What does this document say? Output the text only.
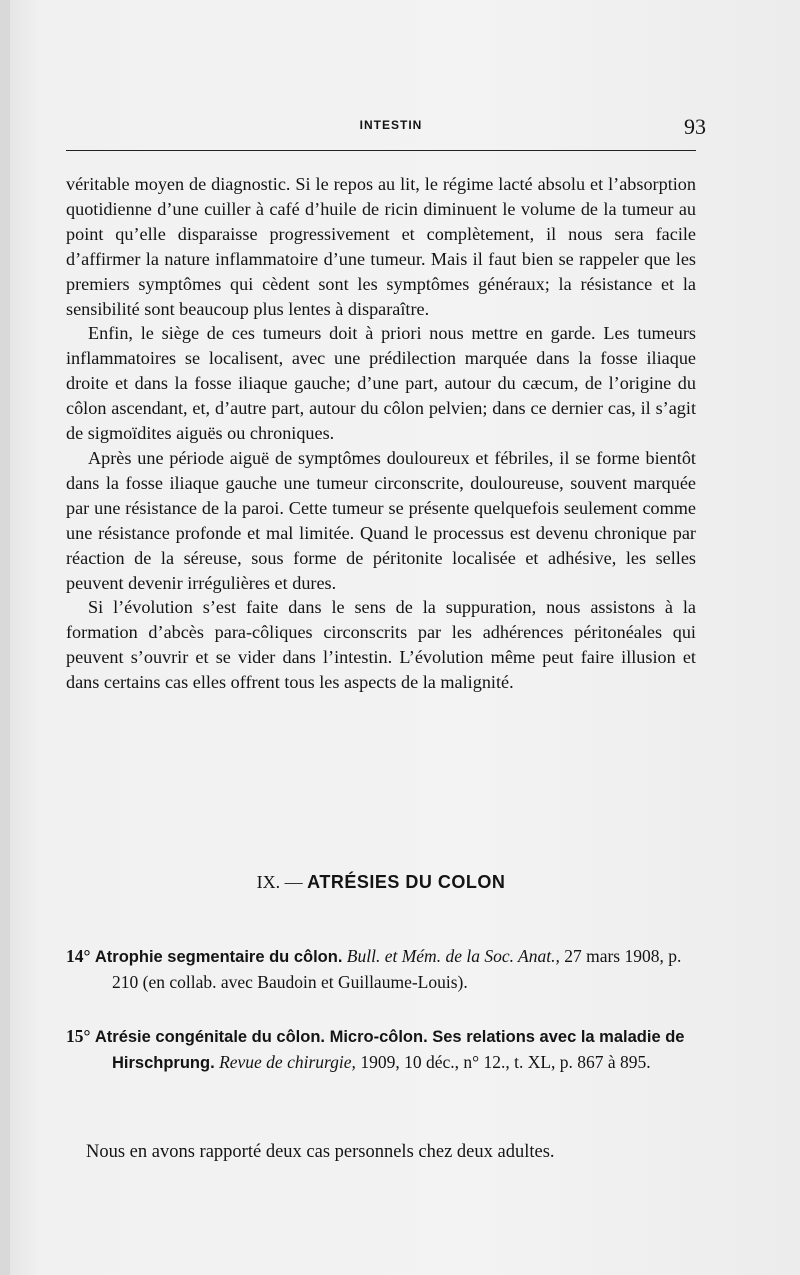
INTESTIN	93

véritable moyen de diagnostic. Si le repos au lit, le régime lacté absolu et l’absorption quotidienne d’une cuiller à café d’huile de ricin diminuent le volume de la tumeur au point qu’elle disparaisse progressivement et complètement, il nous sera facile d’affirmer la nature inflammatoire d’une tumeur. Mais il faut bien se rappeler que les premiers symptômes qui cèdent sont les symptômes généraux; la résistance et la sensibilité sont beaucoup plus lentes à disparaître.

Enfin, le siège de ces tumeurs doit à priori nous mettre en garde. Les tumeurs inflammatoires se localisent, avec une prédilection marquée dans la fosse iliaque droite et dans la fosse iliaque gauche; d’une part, autour du cæcum, de l’origine du côlon ascendant, et, d’autre part, autour du côlon pelvien; dans ce dernier cas, il s’agit de sigmoïdites aiguës ou chroniques.

Après une période aiguë de symptômes douloureux et fébriles, il se forme bientôt dans la fosse iliaque gauche une tumeur circonscrite, douloureuse, souvent marquée par une résistance de la paroi. Cette tumeur se présente quelquefois seulement comme une résistance profonde et mal limitée. Quand le processus est devenu chronique par réaction de la séreuse, sous forme de péritonite localisée et adhésive, les selles peuvent devenir irrégulières et dures.

Si l’évolution s’est faite dans le sens de la suppuration, nous assistons à la formation d’abcès para-côliques circonscrits par les adhérences péritonéales qui peuvent s’ouvrir et se vider dans l’intestin. L’évolution même peut faire illusion et dans certains cas elles offrent tous les aspects de la malignité.

IX. — ATRÉSIES DU COLON
14° Atrophie segmentaire du côlon. Bull. et Mém. de la Soc. Anat., 27 mars 1908, p. 210 (en collab. avec Baudoin et Guillaume-Louis).
15° Atrésie congénitale du côlon. Micro-côlon. Ses relations avec la maladie de Hirschprung. Revue de chirurgie, 1909, 10 déc., n° 12., t. XL, p. 867 à 895.
Nous en avons rapporté deux cas personnels chez deux adultes.
